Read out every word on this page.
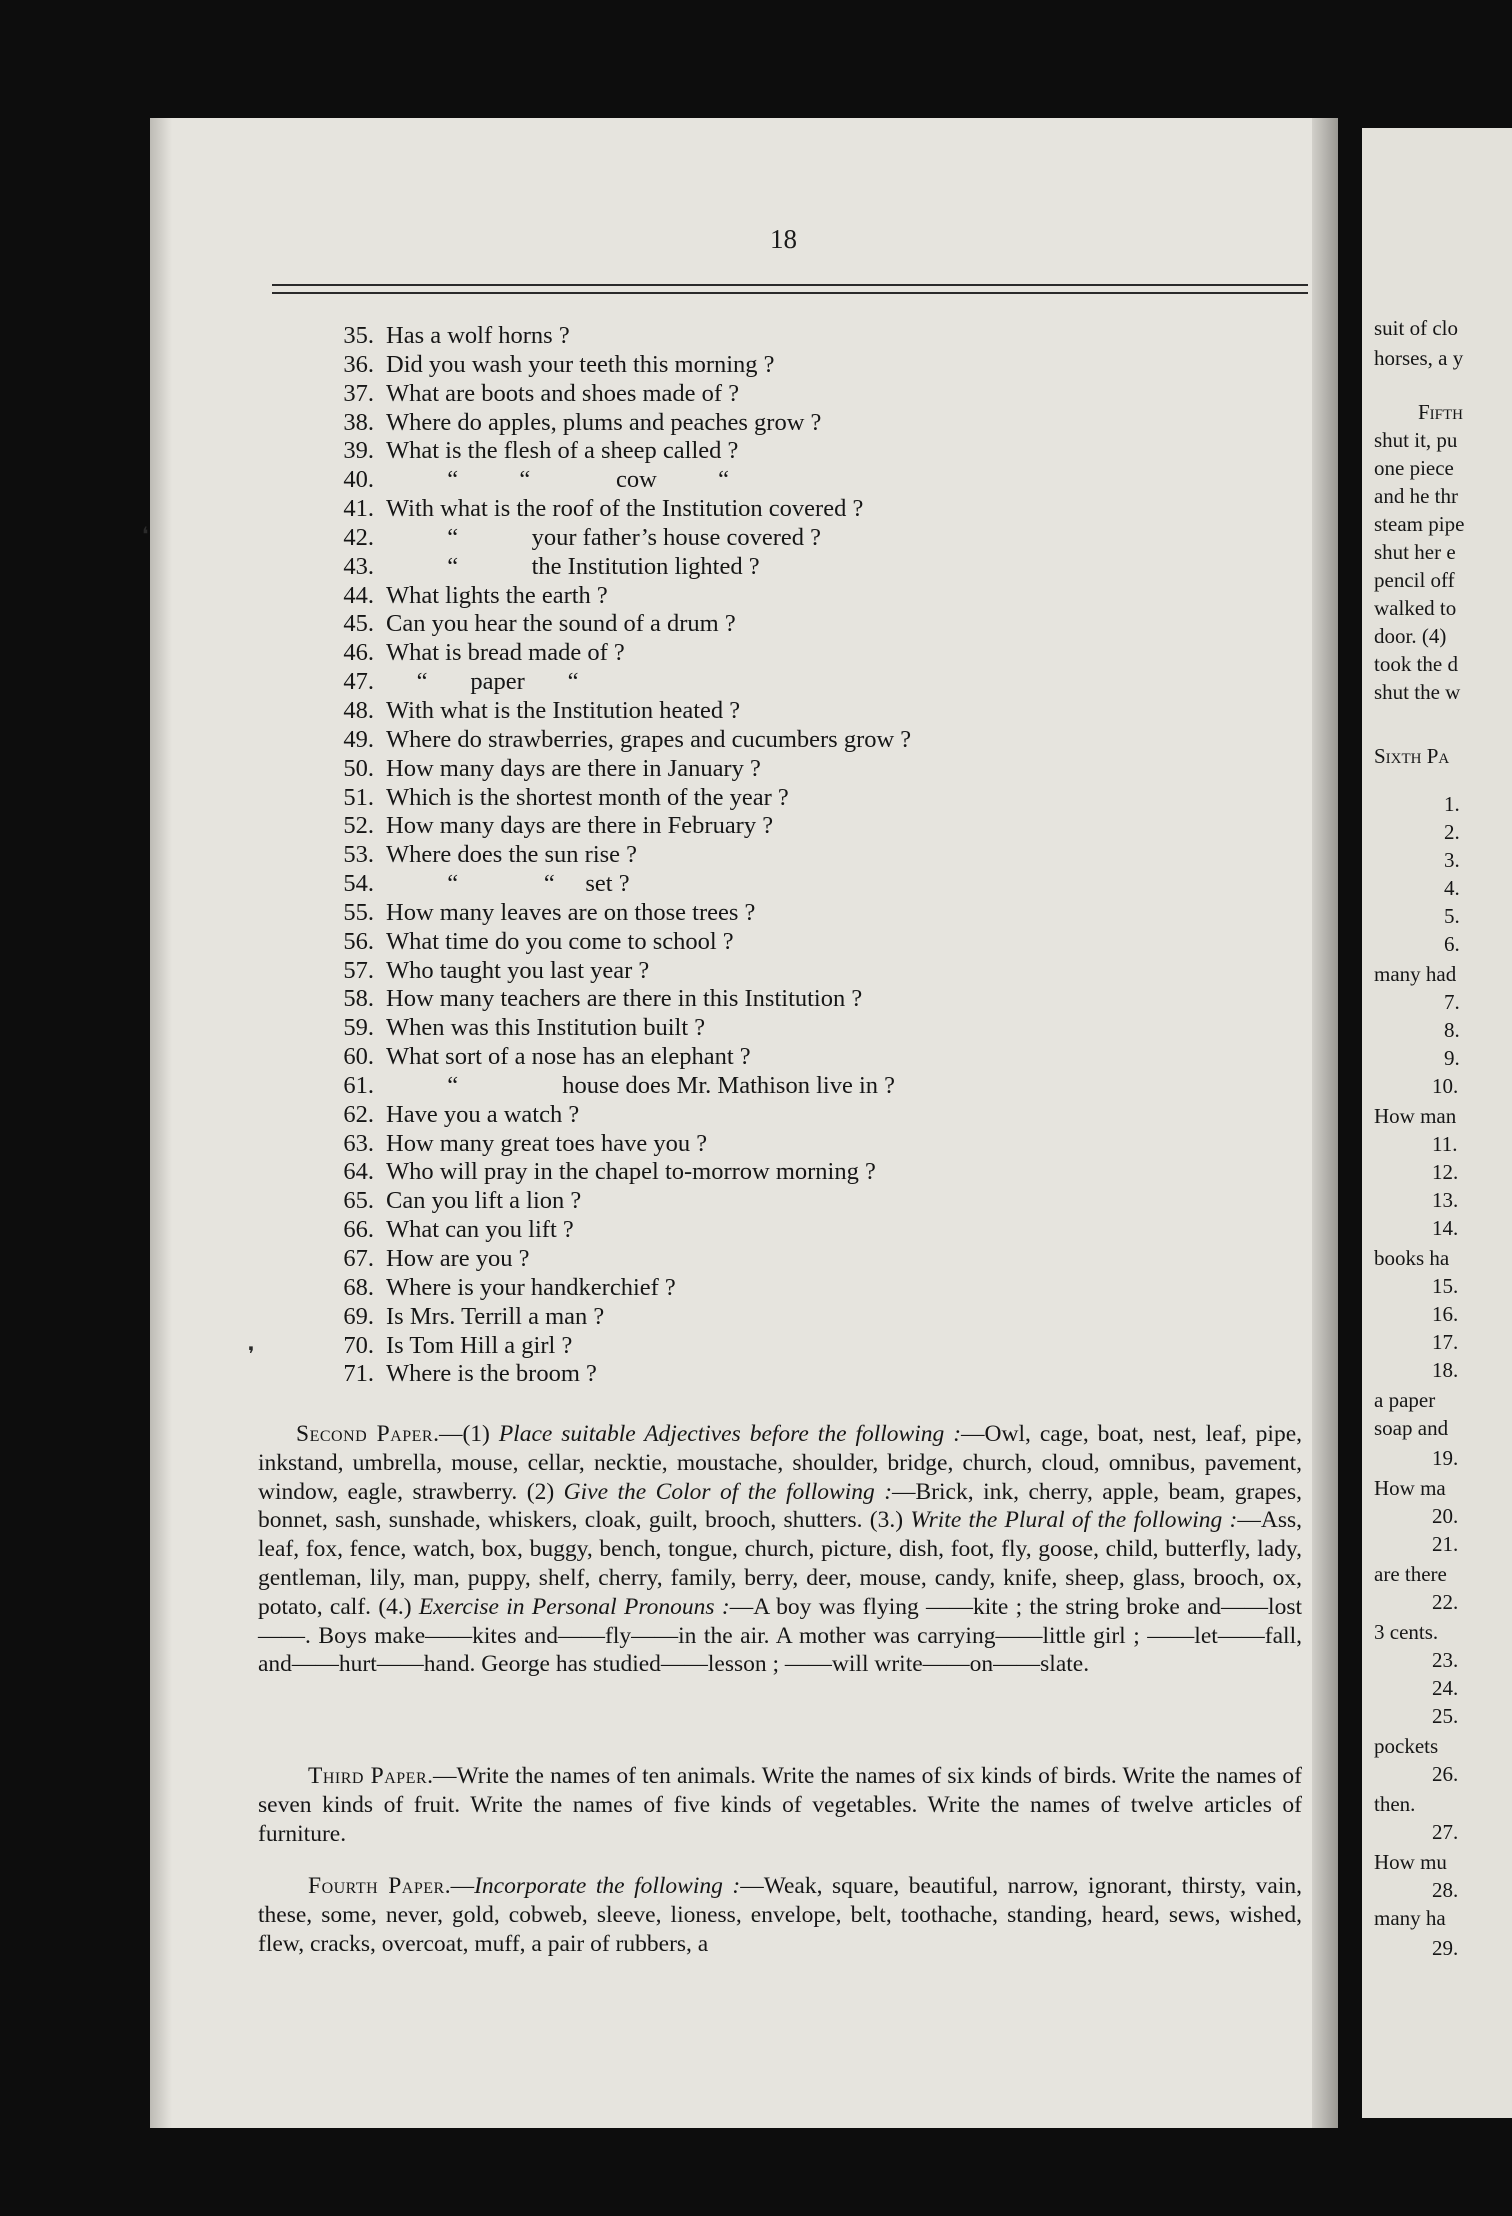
suit of clo
horses, a y
Fifth
shut it, pu
one piece
and he thr
steam pipe
shut her e
pencil off
walked to
door. (4)
took the d
shut the w
Sixth Pa
1.
2.
3.
4.
5.
6.
many had
7.
8.
9.
10.
How man
11.
12.
13.
14.
books ha
15.
16.
17.
18.
a paper
soap and
19.
How ma
20.
21.
are there
22.
3 cents.
23.
24.
25.
pockets
26.
then.
27.
How mu
28.
many ha
29.
18
35. Has a wolf horns ?
36. Did you wash your teeth this morning ?
37. What are boots and shoes made of ?
38. Where do apples, plums and peaches grow ?
39. What is the flesh of a sheep called ?
40. “          “              cow          “
41. With what is the roof of the Institution covered ?
42. “            your father’s house covered ?
43. “            the Institution lighted ?
44. What lights the earth ?
45. Can you hear the sound of a drum ?
46. What is bread made of ?
47. “       paper       “
48. With what is the Institution heated ?
49. Where do strawberries, grapes and cucumbers grow ?
50. How many days are there in January ?
51. Which is the shortest month of the year ?
52. How many days are there in February ?
53. Where does the sun rise ?
54. “              “     set ?
55. How many leaves are on those trees ?
56. What time do you come to school ?
57. Who taught you last year ?
58. How many teachers are there in this Institution ?
59. When was this Institution built ?
60. What sort of a nose has an elephant ?
61. “                 house does Mr. Mathison live in ?
62. Have you a watch ?
63. How many great toes have you ?
64. Who will pray in the chapel to-morrow morning ?
65. Can you lift a lion ?
66. What can you lift ?
67. How are you ?
68. Where is your handkerchief ?
69. Is Mrs. Terrill a man ?
70. Is Tom Hill a girl ?
71. Where is the broom ?

Second Paper.—(1) Place suitable Adjectives before the following :—Owl, cage, boat, nest, leaf, pipe, inkstand, umbrella, mouse, cellar, necktie, moustache, shoulder, bridge, church, cloud, omnibus, pavement, window, eagle, strawberry. (2) Give the Color of the following :—Brick, ink, cherry, apple, beam, grapes, bonnet, sash, sunshade, whiskers, cloak, guilt, brooch, shutters. (3.) Write the Plural of the following :—Ass, leaf, fox, fence, watch, box, buggy, bench, tongue, church, picture, dish, foot, fly, goose, child, butterfly, lady, gentleman, lily, man, puppy, shelf, cherry, family, berry, deer, mouse, candy, knife, sheep, glass, brooch, ox, potato, calf. (4.) Exercise in Personal Pronouns :—A boy was flying ——kite ; the string broke and——lost——. Boys make——kites and——fly——in the air. A mother was carrying——little girl ; ——let——fall, and——hurt——hand. George has studied——lesson ; ——will write——on——slate.

Third Paper.—Write the names of ten animals. Write the names of six kinds of birds. Write the names of seven kinds of fruit. Write the names of five kinds of vegetables. Write the names of twelve articles of furniture.

Fourth Paper.—Incorporate the following :—Weak, square, beautiful, narrow, ignorant, thirsty, vain, these, some, never, gold, cobweb, sleeve, lioness, envelope, belt, toothache, standing, heard, sews, wished, flew, cracks, overcoat, muff, a pair of rubbers, a

❛
❜
